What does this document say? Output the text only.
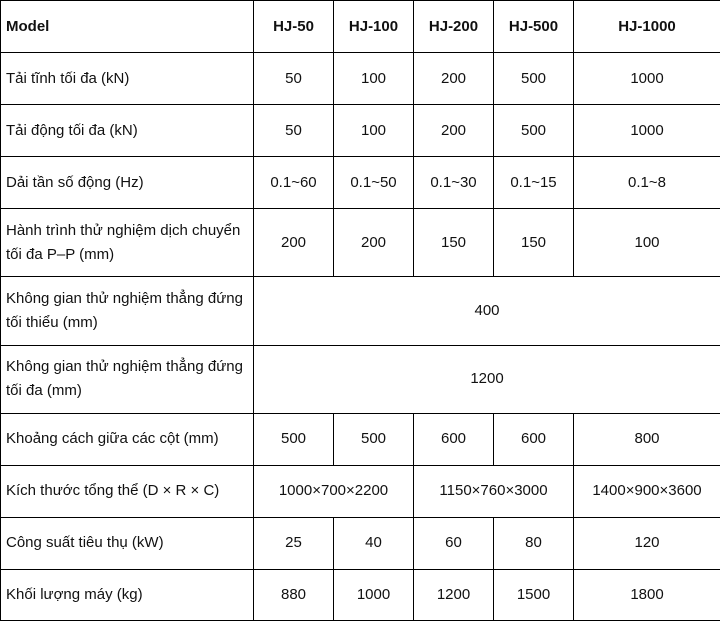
Model	HJ-50	HJ-100	HJ-200	HJ-500	HJ-1000
Tải tĩnh tối đa (kN)	50	100	200	500	1000
Tải động tối đa (kN)	50	100	200	500	1000
Dải tần số động (Hz)	0.1~60	0.1~50	0.1~30	0.1~15	0.1~8
Hành trình thử nghiệm dịch chuyển tối đa P–P (mm)	200	200	150	150	100
Không gian thử nghiệm thẳng đứng tối thiểu (mm)	400				
Không gian thử nghiệm thẳng đứng tối đa (mm)	1200				
Khoảng cách giữa các cột (mm)	500	500	600	600	800
Kích thước tổng thể (D × R × C)	1000×700×2200		1150×760×3000		1400×900×3600
Công suất tiêu thụ (kW)	25	40	60	80	120
Khối lượng máy (kg)	880	1000	1200	1500	1800
